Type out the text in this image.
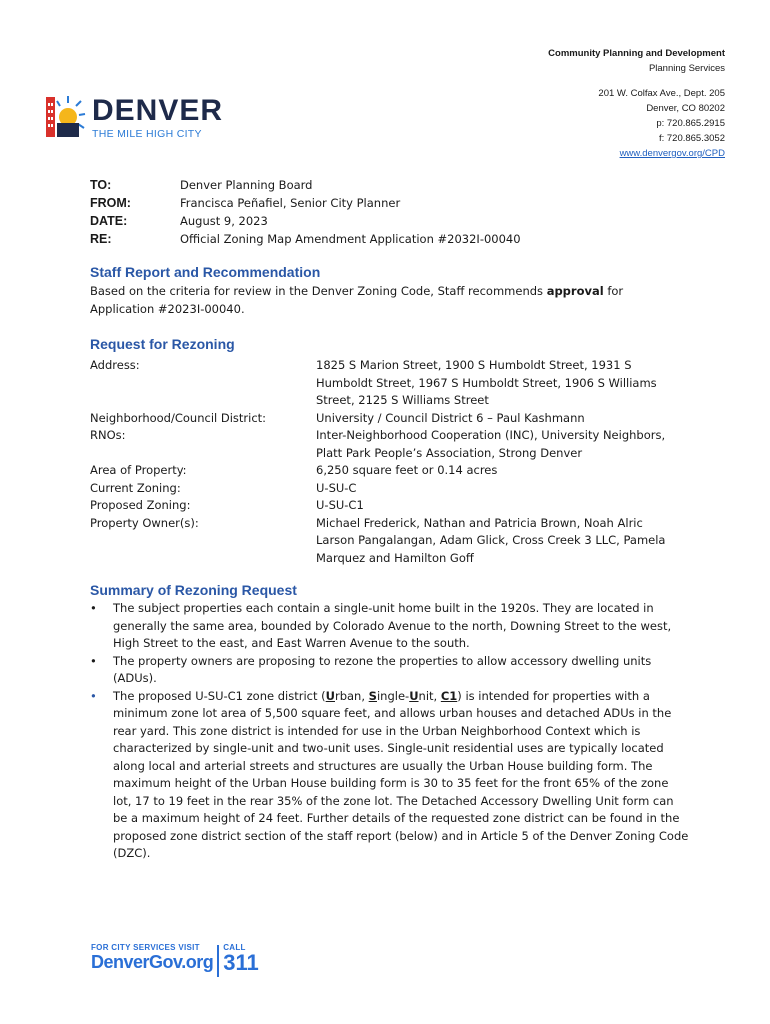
Community Planning and Development
Planning Services
201 W. Colfax Ave., Dept. 205
Denver, CO 80202
p: 720.865.2915
f: 720.865.3052
www.denvergov.org/CPD
DENVER
THE MILE HIGH CITY
TO:	Denver Planning Board
FROM:	Francisca Peñafiel, Senior City Planner
DATE:	August 9, 2023
RE:	Official Zoning Map Amendment Application #2032I-00040
Staff Report and Recommendation
Based on the criteria for review in the Denver Zoning Code, Staff recommends approval for Application #2023I-00040.
Request for Rezoning
Address:	1825 S Marion Street, 1900 S Humboldt Street, 1931 S Humboldt Street, 1967 S Humboldt Street, 1906 S Williams Street, 2125 S Williams Street
Neighborhood/Council District:	University / Council District 6 – Paul Kashmann
RNOs:	Inter-Neighborhood Cooperation (INC), University Neighbors, Platt Park People’s Association, Strong Denver
Area of Property:	6,250 square feet or 0.14 acres
Current Zoning:	U-SU-C
Proposed Zoning:	U-SU-C1
Property Owner(s):	Michael Frederick, Nathan and Patricia Brown, Noah Alric Larson Pangalangan, Adam Glick, Cross Creek 3 LLC, Pamela Marquez and Hamilton Goff
Summary of Rezoning Request
• The subject properties each contain a single-unit home built in the 1920s. They are located in generally the same area, bounded by Colorado Avenue to the north, Downing Street to the west, High Street to the east, and East Warren Avenue to the south.
• The property owners are proposing to rezone the properties to allow accessory dwelling units (ADUs).
• The proposed U-SU-C1 zone district (Urban, Single-Unit, C1) is intended for properties with a minimum zone lot area of 5,500 square feet, and allows urban houses and detached ADUs in the rear yard. This zone district is intended for use in the Urban Neighborhood Context which is characterized by single-unit and two-unit uses. Single-unit residential uses are typically located along local and arterial streets and structures are usually the Urban House building form. The maximum height of the Urban House building form is 30 to 35 feet for the front 65% of the zone lot, 17 to 19 feet in the rear 35% of the zone lot. The Detached Accessory Dwelling Unit form can be a maximum height of 24 feet. Further details of the requested zone district can be found in the proposed zone district section of the staff report (below) and in Article 5 of the Denver Zoning Code (DZC).
FOR CITY SERVICES VISIT
DenverGov.org
CALL
311
